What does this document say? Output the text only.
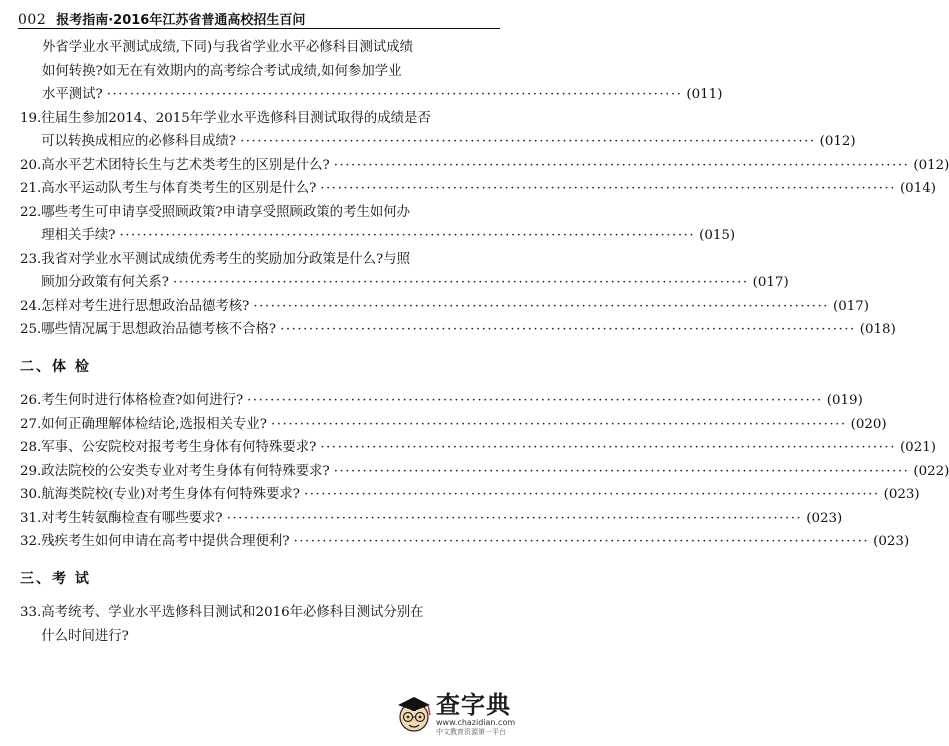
002 报考指南·2016年江苏省普通高校招生百问
外省学业水平测试成绩,下同)与我省学业水平必修科目测试成绩
如何转换?如无在有效期内的高考综合考试成绩,如何参加学业
水平测试? ·····	(011)
19. 往届生参加2014、2015年学业水平选修科目测试取得的成绩是否
可以转换成相应的必修科目成绩? ·····	(012)
20. 高水平艺术团特长生与艺术类考生的区别是什么? ·····	(012)
21. 高水平运动队考生与体育类考生的区别是什么? ·····	(014)
22. 哪些考生可申请享受照顾政策?申请享受照顾政策的考生如何办
理相关手续? ·····	(015)
23. 我省对学业水平测试成绩优秀考生的奖励加分政策是什么?与照
顾加分政策有何关系? ·····	(017)
24. 怎样对考生进行思想政治品德考核? ·····	(017)
25. 哪些情况属于思想政治品德考核不合格? ·····	(018)
二、体 检
26. 考生何时进行体格检查?如何进行? ·····	(019)
27. 如何正确理解体检结论,选报相关专业? ·····	(020)
28. 军事、公安院校对报考考生身体有何特殊要求? ·····	(021)
29. 政法院校的公安类专业对考生身体有何特殊要求? ·····	(022)
30. 航海类院校(专业)对考生身体有何特殊要求? ·····	(023)
31. 对考生转氨酶检查有哪些要求? ·····	(023)
32. 残疾考生如何申请在高考中提供合理便利? ·····	(023)
三、考 试
33. 高考统考、学业水平选修科目测试和2016年必修科目测试分别在
什么时间进行?
查字典
www.chazidian.com
中文教育资源第一平台
